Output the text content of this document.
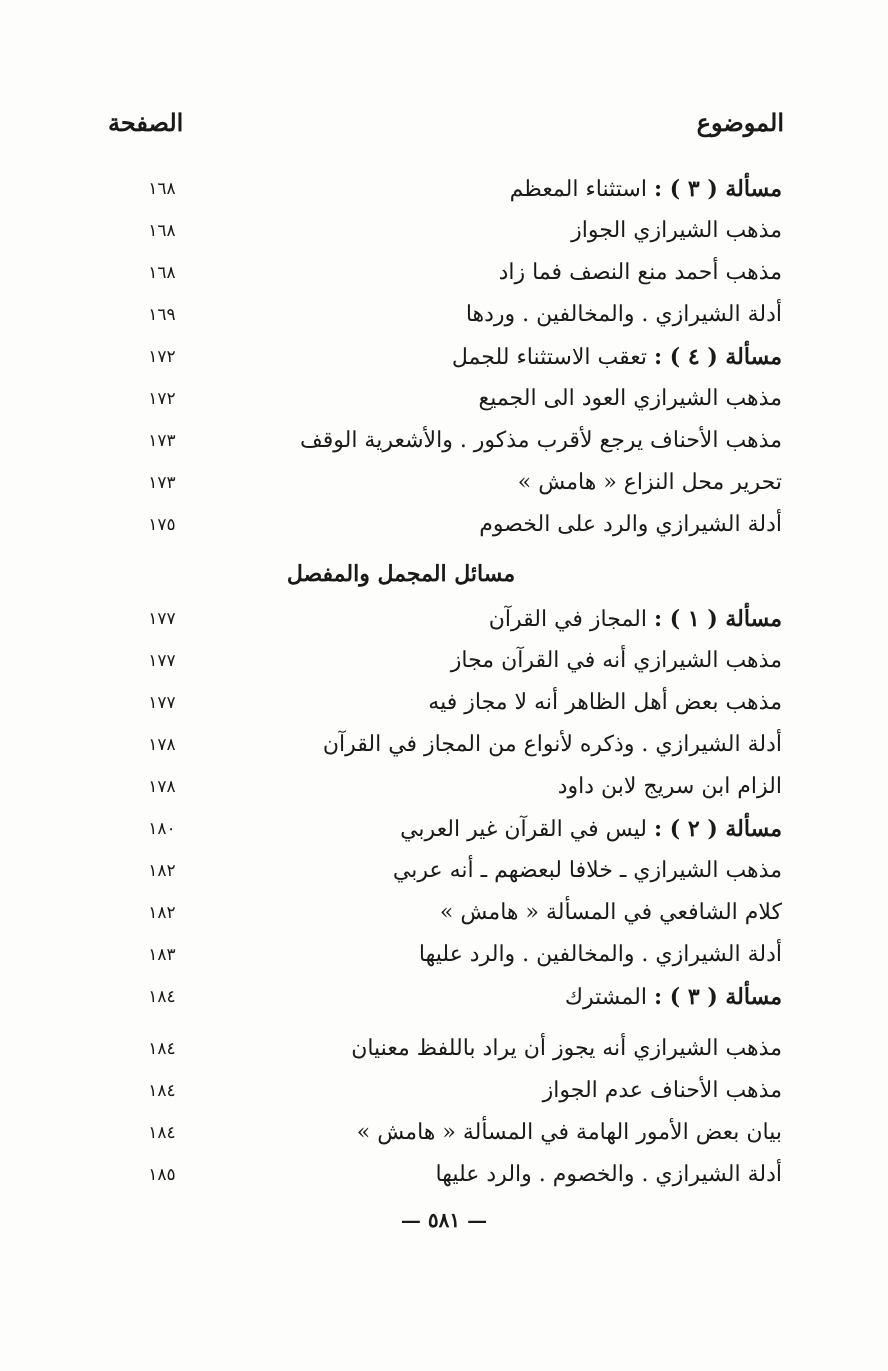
الموضوع
الصفحة
مسألة ( ٣ ) : استثناء المعظم
١٦٨
مذهب الشيرازي الجواز
١٦٨
مذهب أحمد منع النصف فما زاد
١٦٨
أدلة الشيرازي . والمخالفين . وردها
١٦٩
مسألة ( ٤ ) : تعقب الاستثناء للجمل
١٧٢
مذهب الشيرازي العود الى الجميع
١٧٢
مذهب الأحناف يرجع لأقرب مذكور . والأشعرية الوقف
١٧٣
تحرير محل النزاع « هامش »
١٧٣
أدلة الشيرازي والرد على الخصوم
١٧٥
مسائل المجمل والمفصل
مسألة ( ١ ) : المجاز في القرآن
١٧٧
مذهب الشيرازي أنه في القرآن مجاز
١٧٧
مذهب بعض أهل الظاهر أنه لا مجاز فيه
١٧٧
أدلة الشيرازي . وذكره لأنواع من المجاز في القرآن
١٧٨
الزام ابن سريج لابن داود
١٧٨
مسألة ( ٢ ) : ليس في القرآن غير العربي
١٨٠
مذهب الشيرازي ـ خلافا لبعضهم ـ أنه عربي
١٨٢
كلام الشافعي في المسألة « هامش »
١٨٢
أدلة الشيرازي . والمخالفين . والرد عليها
١٨٣
مسألة ( ٣ ) : المشترك
١٨٤
مذهب الشيرازي أنه يجوز أن يراد باللفظ معنيان
١٨٤
مذهب الأحناف عدم الجواز
١٨٤
بيان بعض الأمور الهامة في المسألة « هامش »
١٨٤
أدلة الشيرازي . والخصوم . والرد عليها
١٨٥
— ٥٨١ —
